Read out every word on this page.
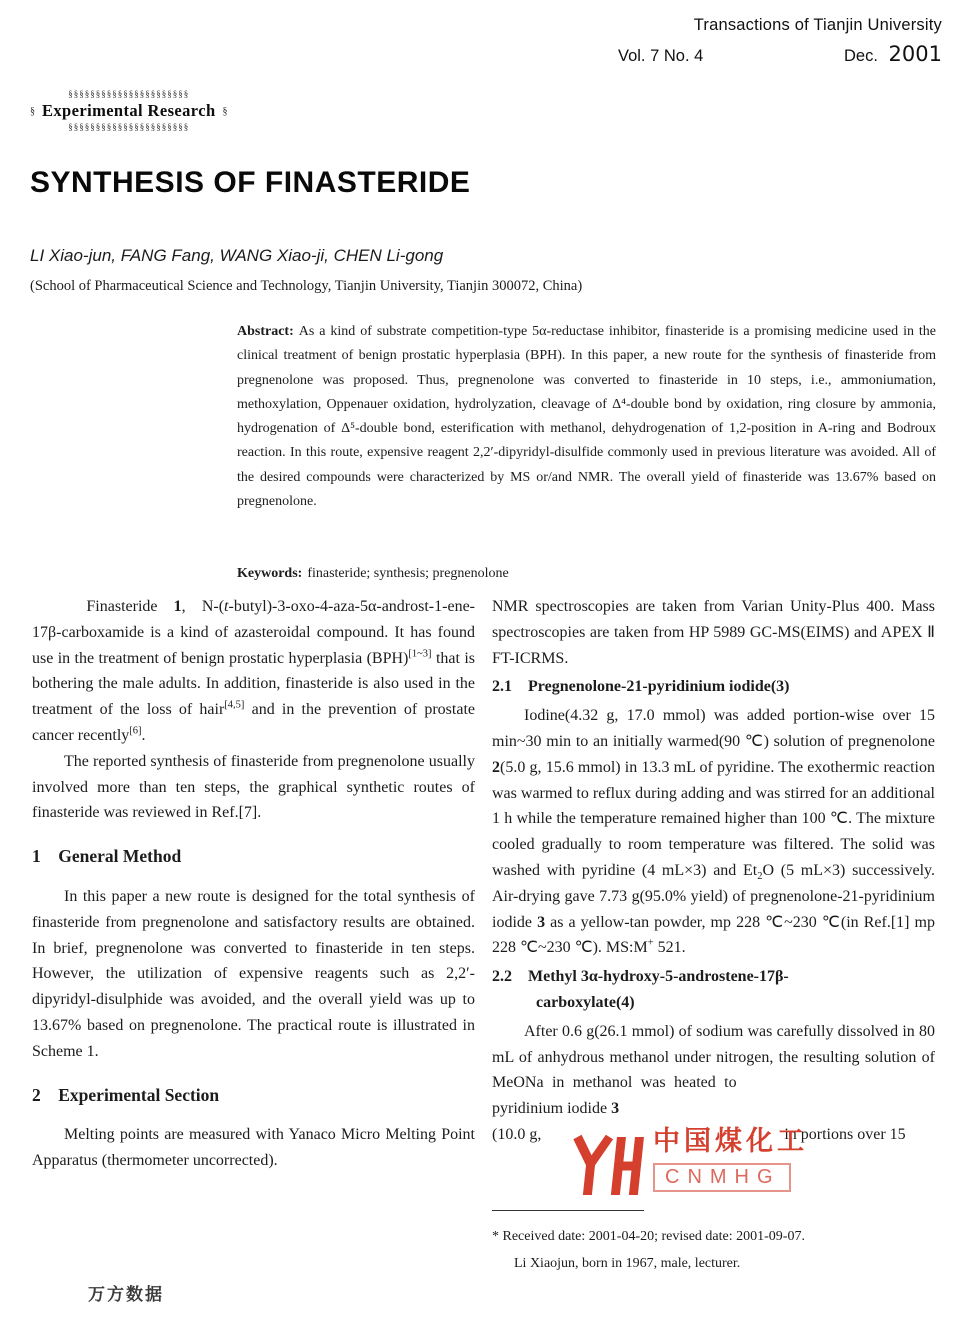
Transactions of Tianjin University
Vol. 7 No. 4	Dec. 2001
§§§§§§§§§§§§§§§§§§§§§§
§ Experimental Research §
§§§§§§§§§§§§§§§§§§§§§§
SYNTHESIS OF FINASTERIDE
LI Xiao-jun, FANG Fang, WANG Xiao-ji, CHEN Li-gong
(School of Pharmaceutical Science and Technology, Tianjin University, Tianjin 300072, China)
Abstract: As a kind of substrate competition-type 5α-reductase inhibitor, finasteride is a promising medicine used in the clinical treatment of benign prostatic hyperplasia (BPH). In this paper, a new route for the synthesis of finasteride from pregnenolone was proposed. Thus, pregnenolone was converted to finasteride in 10 steps, i.e., ammoniumation, methoxylation, Oppenauer oxidation, hydrolyzation, cleavage of Δ⁴-double bond by oxidation, ring closure by ammonia, hydrogenation of Δ⁵-double bond, esterification with methanol, dehydrogenation of 1,2-position in A-ring and Bodroux reaction. In this route, expensive reagent 2,2′-dipyridyl-disulfide commonly used in previous literature was avoided. All of the desired compounds were characterized by MS or/and NMR. The overall yield of finasteride was 13.67% based on pregnenolone.
Keywords: finasteride; synthesis; pregnenolone

Finasteride 1, N-(t-butyl)-3-oxo-4-aza-5α-androst-1-ene-17β-carboxamide is a kind of azasteroidal compound. It has found use in the treatment of benign prostatic hyperplasia (BPH)[1~3] that is bothering the male adults. In addition, finasteride is also used in the treatment of the loss of hair[4,5] and in the prevention of prostate cancer recently[6].

The reported synthesis of finasteride from pregnenolone usually involved more than ten steps, the graphical synthetic routes of finasteride was reviewed in Ref.[7].

1 General Method

In this paper a new route is designed for the total synthesis of finasteride from pregnenolone and satisfactory results are obtained. In brief, pregnenolone was converted to finasteride in ten steps. However, the utilization of expensive reagents such as 2,2′-dipyridyl-disulphide was avoided, and the overall yield was up to 13.67% based on pregnenolone. The practical route is illustrated in Scheme 1.

2 Experimental Section

Melting points are measured with Yanaco Micro Melting Point Apparatus (thermometer uncorrected).

NMR spectroscopies are taken from Varian Unity-Plus 400. Mass spectroscopies are taken from HP 5989 GC-MS(EIMS) and APEX Ⅱ FT-ICRMS.

2.1 Pregnenolone-21-pyridinium iodide(3)

Iodine(4.32 g, 17.0 mmol) was added portion-wise over 15 min~30 min to an initially warmed(90 ℃) solution of pregnenolone 2(5.0 g, 15.6 mmol) in 13.3 mL of pyridine. The exothermic reaction was warmed to reflux during adding and was stirred for an additional 1 h while the temperature remained higher than 100 ℃. The mixture cooled gradually to room temperature was filtered. The solid was washed with pyridine (4 mL×3) and $Et_2O$ (5 mL×3) successively. Air-drying gave 7.73 g(95.0% yield) of pregnenolone-21-pyridinium iodide 3 as a yellow-tan powder, mp 228 ℃~230 ℃(in Ref.[1] mp 228 ℃~230 ℃). MS:M+ 521.

2.2 Methyl 3α-hydroxy-5-androstene-17β-
carboxylate(4)

After 0.6 g(26.1 mmol) of sodium was carefully dissolved in 80 mL of anhydrous methanol under nitrogen, the resulting solution of MeONa in methanol was heated to  pyridinium iodide 3
(10.0 g,	in portions over 15

中国煤化工
CNMHG
* Received date: 2001-04-20; revised date: 2001-09-07.
Li Xiaojun, born in 1967, male, lecturer.
万方数据
